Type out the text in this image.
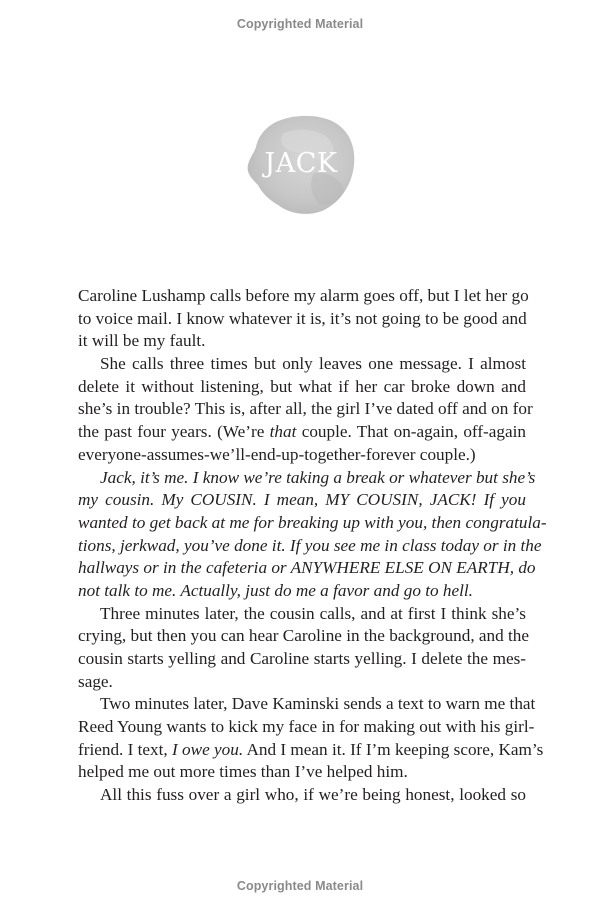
Copyrighted Material
JACK
Caroline Lushamp calls before my alarm goes off, but I let her go
to voice mail. I know whatever it is, it’s not going to be good and
it will be my fault.
She calls three times but only leaves one message. I almost
delete it without listening, but what if her car broke down and
she’s in trouble? This is, after all, the girl I’ve dated off and on for
the past four years. (We’re that couple. That on-again, off-again
everyone-assumes-we’ll-end-up-together-forever couple.)
Jack, it’s me. I know we’re taking a break or whatever but she’s
my cousin. My COUSIN. I mean, MY COUSIN, JACK! If you
wanted to get back at me for breaking up with you, then congratula-
tions, jerkwad, you’ve done it. If you see me in class today or in the
hallways or in the cafeteria or ANYWHERE ELSE ON EARTH, do
not talk to me. Actually, just do me a favor and go to hell.
Three minutes later, the cousin calls, and at first I think she’s
crying, but then you can hear Caroline in the background, and the
cousin starts yelling and Caroline starts yelling. I delete the mes-
sage.
Two minutes later, Dave Kaminski sends a text to warn me that
Reed Young wants to kick my face in for making out with his girl-
friend. I text, I owe you. And I mean it. If I’m keeping score, Kam’s
helped me out more times than I’ve helped him.
All this fuss over a girl who, if we’re being honest, looked so
Copyrighted Material
